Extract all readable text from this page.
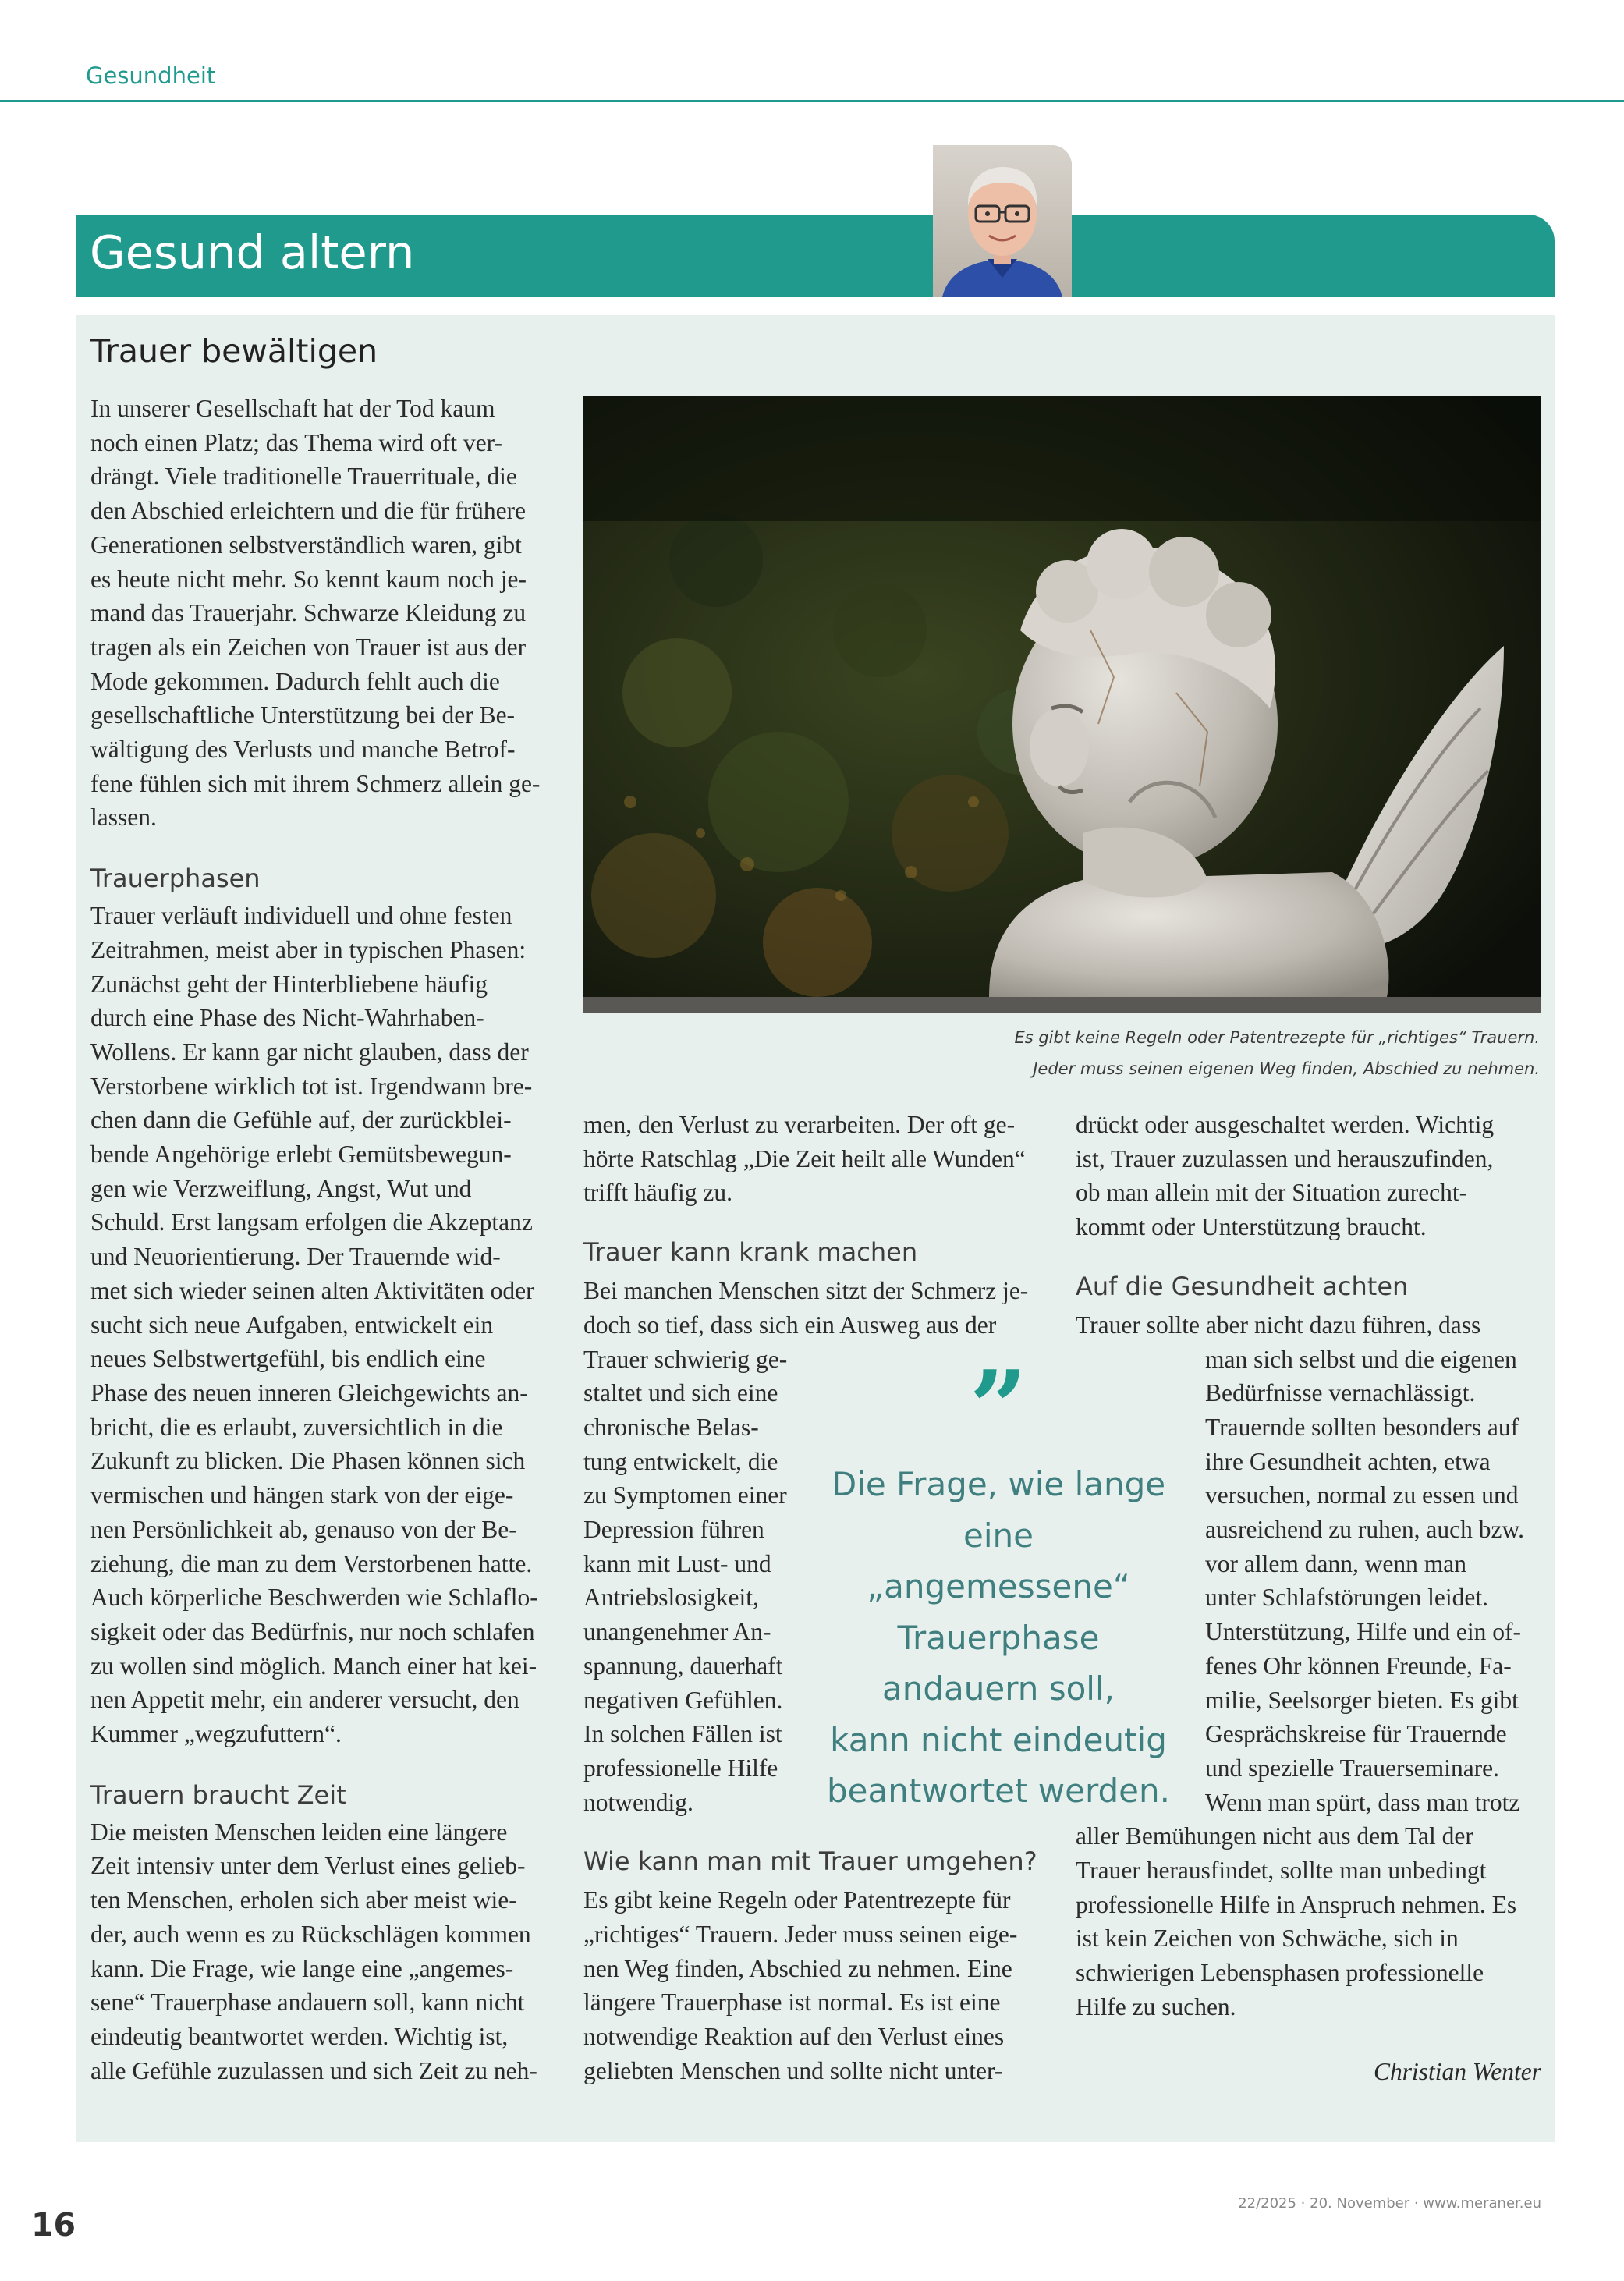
Gesundheit
Gesund altern
Trauer bewältigen

In unserer Gesellschaft hat der Tod kaum
noch einen Platz; das Thema wird oft ver-
drängt. Viele traditionelle Trauerrituale, die
den Abschied erleichtern und die für frühere
Generationen selbstverständlich waren, gibt
es heute nicht mehr. So kennt kaum noch je-
mand das Trauerjahr. Schwarze Kleidung zu
tragen als ein Zeichen von Trauer ist aus der
Mode gekommen. Dadurch fehlt auch die
gesellschaftliche Unterstützung bei der Be-
wältigung des Verlusts und manche Betrof-
fene fühlen sich mit ihrem Schmerz allein ge-
lassen.

Trauerphasen

Trauer verläuft individuell und ohne festen
Zeitrahmen, meist aber in typischen Phasen:
Zunächst geht der Hinterbliebene häufig
durch eine Phase des Nicht-Wahrhaben-
Wollens. Er kann gar nicht glauben, dass der
Verstorbene wirklich tot ist. Irgendwann bre-
chen dann die Gefühle auf, der zurückblei-
bende Angehörige erlebt Gemütsbewegun-
gen wie Verzweiflung, Angst, Wut und
Schuld. Erst langsam erfolgen die Akzeptanz
und Neuorientierung. Der Trauernde wid-
met sich wieder seinen alten Aktivitäten oder
sucht sich neue Aufgaben, entwickelt ein
neues Selbstwertgefühl, bis endlich eine
Phase des neuen inneren Gleichgewichts an-
bricht, die es erlaubt, zuversichtlich in die
Zukunft zu blicken. Die Phasen können sich
vermischen und hängen stark von der eige-
nen Persönlichkeit ab, genauso von der Be-
ziehung, die man zu dem Verstorbenen hatte.
Auch körperliche Beschwerden wie Schlaflo-
sigkeit oder das Bedürfnis, nur noch schlafen
zu wollen sind möglich. Manch einer hat kei-
nen Appetit mehr, ein anderer versucht, den
Kummer „wegzufuttern“.

Trauern braucht Zeit

Die meisten Menschen leiden eine längere
Zeit intensiv unter dem Verlust eines gelieb-
ten Menschen, erholen sich aber meist wie-
der, auch wenn es zu Rückschlägen kommen
kann. Die Frage, wie lange eine „angemes-
sene“ Trauerphase andauern soll, kann nicht
eindeutig beantwortet werden. Wichtig ist,
alle Gefühle zuzulassen und sich Zeit zu neh-

Es gibt keine Regeln oder Patentrezepte für „richtiges“ Trauern.
Jeder muss seinen eigenen Weg finden, Abschied zu nehmen.

men, den Verlust zu verarbeiten. Der oft ge-
hörte Ratschlag „Die Zeit heilt alle Wunden“
trifft häufig zu.

Trauer kann krank machen

Bei manchen Menschen sitzt der Schmerz je-
doch so tief, dass sich ein Ausweg aus der
Trauer schwierig ge-
staltet und sich eine
chronische Belas-
tung entwickelt, die
zu Symptomen einer
Depression führen
kann mit Lust- und
Antriebslosigkeit,
unangenehmer An-
spannung, dauerhaft
negativen Gefühlen.
In solchen Fällen ist
professionelle Hilfe
notwendig.

Wie kann man mit Trauer umgehen?

Es gibt keine Regeln oder Patentrezepte für
„richtiges“ Trauern. Jeder muss seinen eige-
nen Weg finden, Abschied zu nehmen. Eine
längere Trauerphase ist normal. Es ist eine
notwendige Reaktion auf den Verlust eines
geliebten Menschen und sollte nicht unter-

”
Die Frage, wie lange
eine „angemessene“
Trauerphase
andauern soll,
kann nicht eindeutig
beantwortet werden.

drückt oder ausgeschaltet werden. Wichtig
ist, Trauer zuzulassen und herauszufinden,
ob man allein mit der Situation zurecht-
kommt oder Unterstützung braucht.

Auf die Gesundheit achten

Trauer sollte aber nicht dazu führen, dass

man sich selbst und die eigenen
Bedürfnisse vernachlässigt.
Trauernde sollten besonders auf
ihre Gesundheit achten, etwa
versuchen, normal zu essen und
ausreichend zu ruhen, auch bzw.
vor allem dann, wenn man
unter Schlafstörungen leidet.
Unterstützung, Hilfe und ein of-
fenes Ohr können Freunde, Fa-
milie, Seelsorger bieten. Es gibt
Gesprächskreise für Trauernde
und spezielle Trauerseminare.
Wenn man spürt, dass man trotz

aller Bemühungen nicht aus dem Tal der
Trauer herausfindet, sollte man unbedingt
professionelle Hilfe in Anspruch nehmen. Es
ist kein Zeichen von Schwäche, sich in
schwierigen Lebensphasen professionelle
Hilfe zu suchen.

Christian Wenter
16
22/2025 · 20. November · www.meraner.eu
